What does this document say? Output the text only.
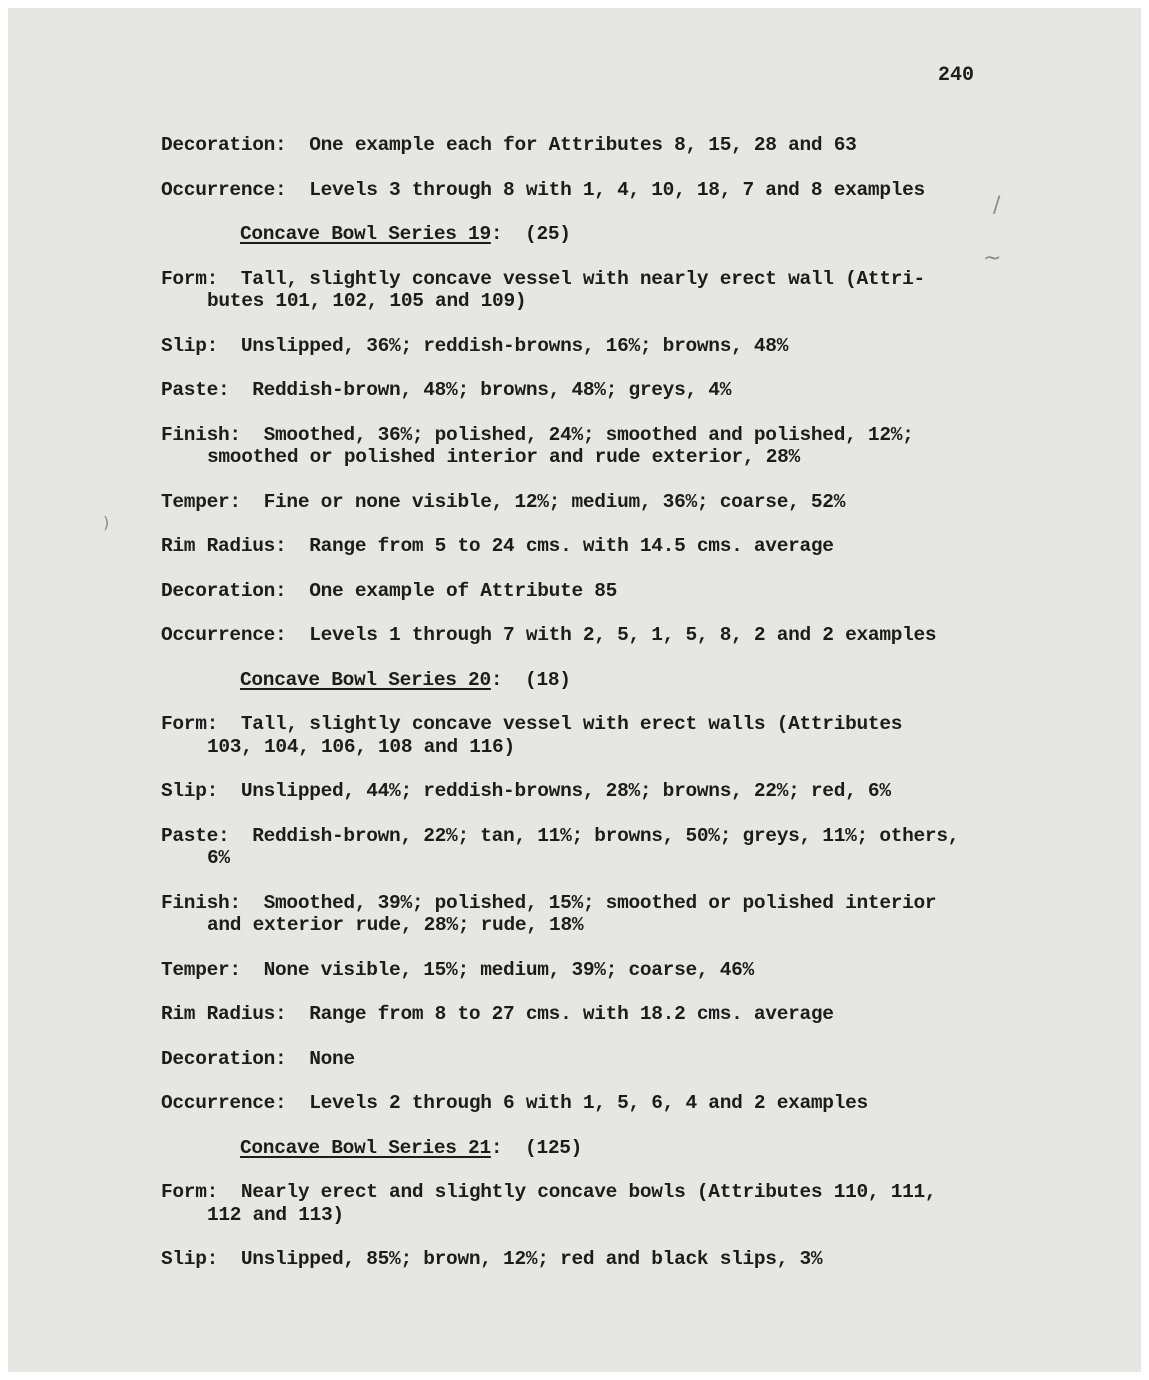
240
/
~
)
Decoration:  One example each for Attributes 8, 15, 28 and 63
Occurrence:  Levels 3 through 8 with 1, 4, 10, 18, 7 and 8 examples
Concave Bowl Series 19:  (25)
Form:  Tall, slightly concave vessel with nearly erect wall (Attri-
butes 101, 102, 105 and 109)
Slip:  Unslipped, 36%; reddish-browns, 16%; browns, 48%
Paste:  Reddish-brown, 48%; browns, 48%; greys, 4%
Finish:  Smoothed, 36%; polished, 24%; smoothed and polished, 12%;
smoothed or polished interior and rude exterior, 28%
Temper:  Fine or none visible, 12%; medium, 36%; coarse, 52%
Rim Radius:  Range from 5 to 24 cms. with 14.5 cms. average
Decoration:  One example of Attribute 85
Occurrence:  Levels 1 through 7 with 2, 5, 1, 5, 8, 2 and 2 examples
Concave Bowl Series 20:  (18)
Form:  Tall, slightly concave vessel with erect walls (Attributes
103, 104, 106, 108 and 116)
Slip:  Unslipped, 44%; reddish-browns, 28%; browns, 22%; red, 6%
Paste:  Reddish-brown, 22%; tan, 11%; browns, 50%; greys, 11%; others,
6%
Finish:  Smoothed, 39%; polished, 15%; smoothed or polished interior
and exterior rude, 28%; rude, 18%
Temper:  None visible, 15%; medium, 39%; coarse, 46%
Rim Radius:  Range from 8 to 27 cms. with 18.2 cms. average
Decoration:  None
Occurrence:  Levels 2 through 6 with 1, 5, 6, 4 and 2 examples
Concave Bowl Series 21:  (125)
Form:  Nearly erect and slightly concave bowls (Attributes 110, 111,
112 and 113)
Slip:  Unslipped, 85%; brown, 12%; red and black slips, 3%
